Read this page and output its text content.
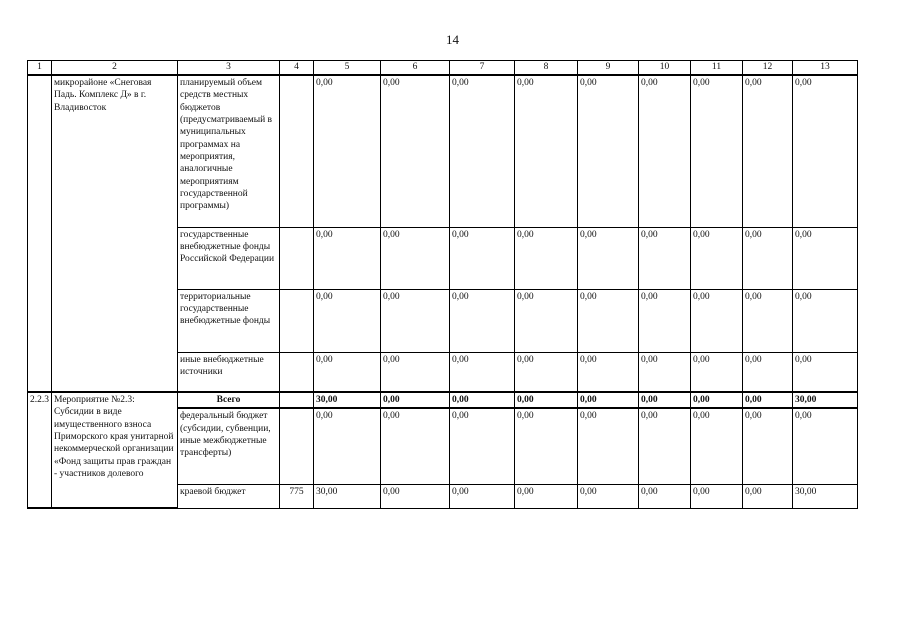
14
1	2	3	4	5	6	7	8	9	10	11	12	13
	микрорайоне «Снеговая Падь. Комплекс Д» в г. Владивосток	планируемый объем средств местных бюджетов (предусматриваемый в муниципальных программах на мероприятия, аналогичные мероприятиям государственной программы)		0,00	0,00	0,00	0,00	0,00	0,00	0,00	0,00	0,00
		государственные внебюджетные фонды Российской Федерации		0,00	0,00	0,00	0,00	0,00	0,00	0,00	0,00	0,00
		территориальные государственные внебюджетные фонды		0,00	0,00	0,00	0,00	0,00	0,00	0,00	0,00	0,00
		иные внебюджетные источники		0,00	0,00	0,00	0,00	0,00	0,00	0,00	0,00	0,00
2.2.3	Мероприятие №2.3: Субсидии в виде имущественного взноса Приморского края унитарной некоммерческой организации «Фонд защиты прав граждан - участников долевого	Всего		30,00	0,00	0,00	0,00	0,00	0,00	0,00	0,00	30,00
		федеральный бюджет (субсидии, субвенции, иные межбюджетные трансферты)		0,00	0,00	0,00	0,00	0,00	0,00	0,00	0,00	0,00
		краевой бюджет	775	30,00	0,00	0,00	0,00	0,00	0,00	0,00	0,00	30,00
